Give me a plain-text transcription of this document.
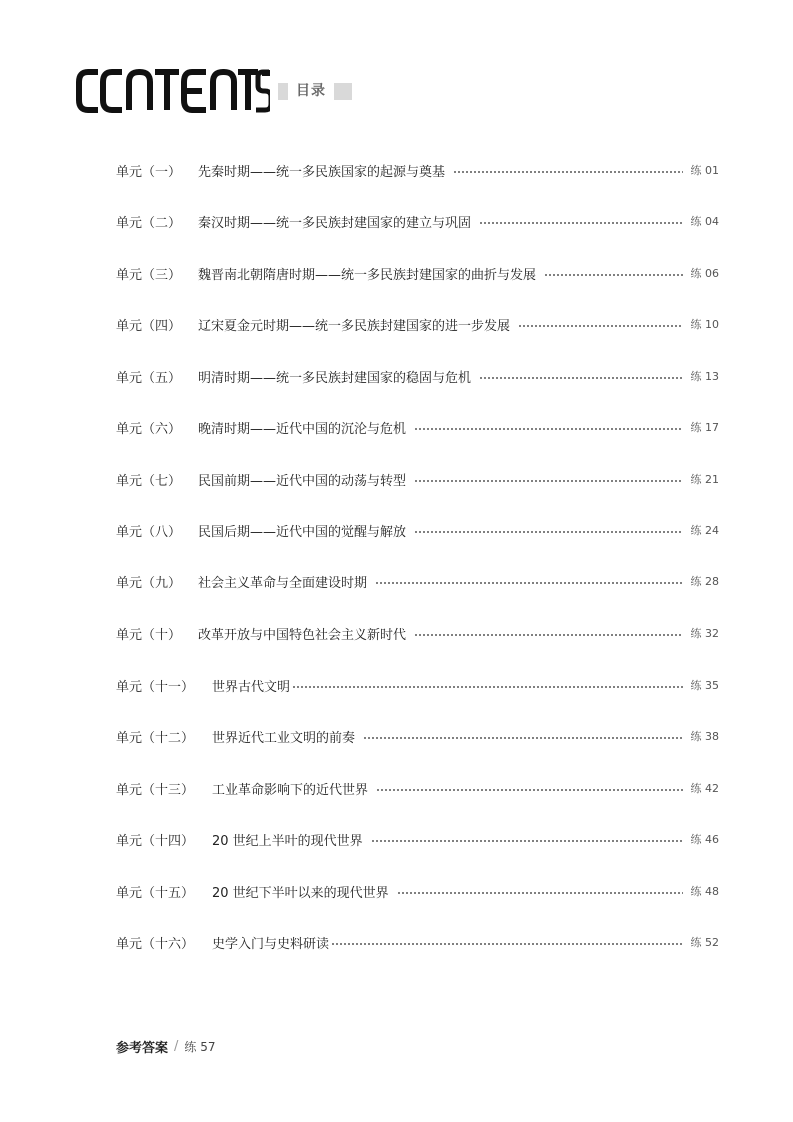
目录
单元（一）	先秦时期——统一多民族国家的起源与奠基	练 01
单元（二）	秦汉时期——统一多民族封建国家的建立与巩固	练 04
单元（三）	魏晋南北朝隋唐时期——统一多民族封建国家的曲折与发展	练 06
单元（四）	辽宋夏金元时期——统一多民族封建国家的进一步发展	练 10
单元（五）	明清时期——统一多民族封建国家的稳固与危机	练 13
单元（六）	晚清时期——近代中国的沉沦与危机	练 17
单元（七）	民国前期——近代中国的动荡与转型	练 21
单元（八）	民国后期——近代中国的觉醒与解放	练 24
单元（九）	社会主义革命与全面建设时期	练 28
单元（十）	改革开放与中国特色社会主义新时代	练 32
单元（十一）	世界古代文明	练 35
单元（十二）	世界近代工业文明的前奏	练 38
单元（十三）	工业革命影响下的近代世界	练 42
单元（十四）	20 世纪上半叶的现代世界	练 46
单元（十五）	20 世纪下半叶以来的现代世界	练 48
单元（十六）	史学入门与史料研读	练 52
参考答案 / 练 57
